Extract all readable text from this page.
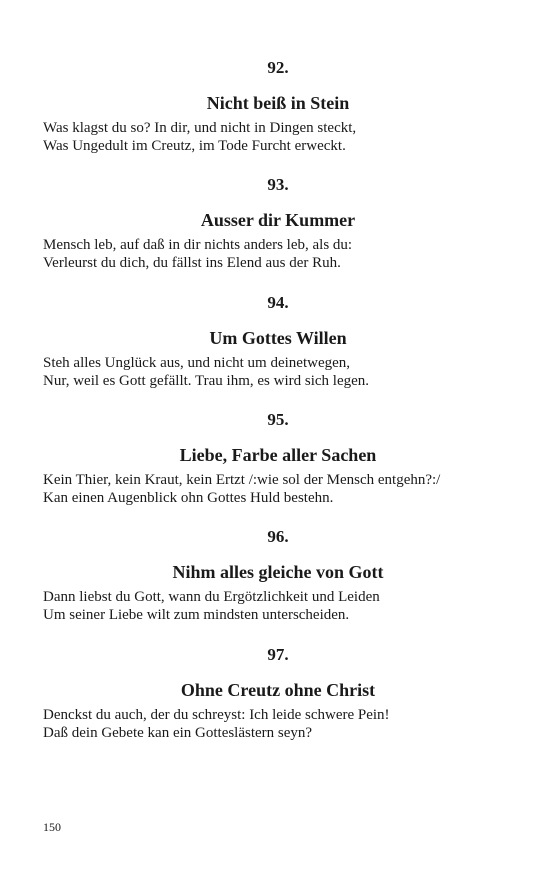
92.

Nicht beiß in Stein

Was klagst du so? In dir, und nicht in Dingen steckt,
Was Ungedult im Creutz, im Tode Furcht erweckt.

93.

Ausser dir Kummer

Mensch leb, auf daß in dir nichts anders leb, als du:
Verleurst du dich, du fällst ins Elend aus der Ruh.

94.

Um Gottes Willen

Steh alles Unglück aus, und nicht um deinetwegen,
Nur, weil es Gott gefällt. Trau ihm, es wird sich legen.

95.

Liebe, Farbe aller Sachen

Kein Thier, kein Kraut, kein Ertzt /:wie sol der Mensch entgehn?:/
Kan einen Augenblick ohn Gottes Huld bestehn.

96.

Nihm alles gleiche von Gott

Dann liebst du Gott, wann du Ergötzlichkeit und Leiden
Um seiner Liebe wilt zum mindsten unterscheiden.

97.

Ohne Creutz ohne Christ

Denckst du auch, der du schreyst: Ich leide schwere Pein!
Daß dein Gebete kan ein Gotteslästern seyn?

150
